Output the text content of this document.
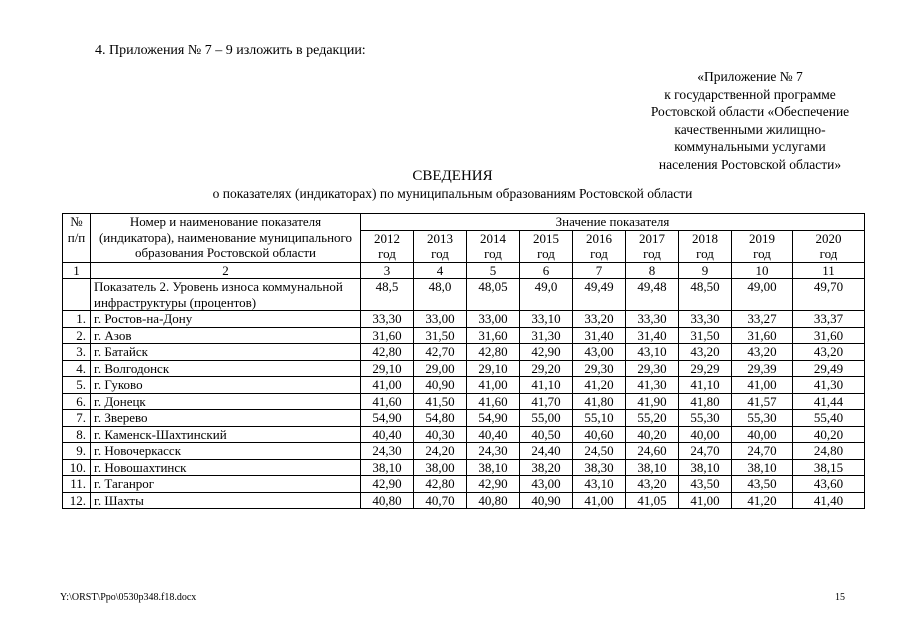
4. Приложения № 7 – 9 изложить в редакции:
«Приложение № 7
к государственной программе
Ростовской области «Обеспечение
качественными жилищно-
коммунальными услугами
населения Ростовской области»
СВЕДЕНИЯ
о показателях (индикаторах) по муниципальным образованиям Ростовской области
№ п/п	Номер и наименование показателя (индикатора), наименование муниципального образования Ростовской области	Значение показателя								
		2012 год	2013 год	2014 год	2015 год	2016 год	2017 год	2018 год	2019 год	2020 год
1	2	3	4	5	6	7	8	9	10	11
	Показатель 2. Уровень износа коммунальной инфраструктуры (процентов)	48,5	48,0	48,05	49,0	49,49	49,48	48,50	49,00	49,70
1.	г. Ростов-на-Дону	33,30	33,00	33,00	33,10	33,20	33,30	33,30	33,27	33,37
2.	г. Азов	31,60	31,50	31,60	31,30	31,40	31,40	31,50	31,60	31,60
3.	г. Батайск	42,80	42,70	42,80	42,90	43,00	43,10	43,20	43,20	43,20
4.	г. Волгодонск	29,10	29,00	29,10	29,20	29,30	29,30	29,29	29,39	29,49
5.	г. Гуково	41,00	40,90	41,00	41,10	41,20	41,30	41,10	41,00	41,30
6.	г. Донецк	41,60	41,50	41,60	41,70	41,80	41,90	41,80	41,57	41,44
7.	г. Зверево	54,90	54,80	54,90	55,00	55,10	55,20	55,30	55,30	55,40
8.	г. Каменск-Шахтинский	40,40	40,30	40,40	40,50	40,60	40,20	40,00	40,00	40,20
9.	г. Новочеркасск	24,30	24,20	24,30	24,40	24,50	24,60	24,70	24,70	24,80
10.	г. Новошахтинск	38,10	38,00	38,10	38,20	38,30	38,10	38,10	38,10	38,15
11.	г. Таганрог	42,90	42,80	42,90	43,00	43,10	43,20	43,50	43,50	43,60
12.	г. Шахты	40,80	40,70	40,80	40,90	41,00	41,05	41,00	41,20	41,40
Y:\ORST\Ppo\0530p348.f18.docx	15
